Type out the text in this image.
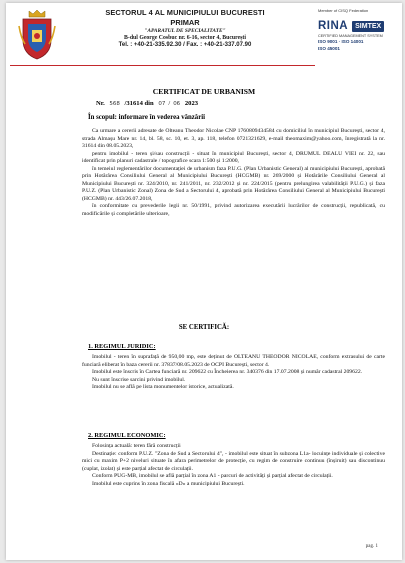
SECTORUL 4 AL MUNICIPIULUI BUCURESTI
PRIMAR
"APARATUL DE SPECIALITATE"
B-dul George Cosbuc nr. 6-16, sector 4, București
Tel. : +40-21-335.92.30 / Fax. : +40-21-337.07.90
Member of CISQ Federation
RINA	SIMTEX
CERTIFIED MANAGEMENT SYSTEM
ISO 9001 · ISO 14001
ISO 45001
CERTIFICAT DE URBANISM
Nr. 568 /31614 din 07 / 06 2023
În scopul: informare în vederea vânzării

Ca urmare a cererii adresate de Olteanu Theodor Nicolae CNP 1760809434584 cu domiciliul în municipiul București, sector 4, strada Almașu Mare nr. 14, bl. 58, sc. 10, et. 3, ap. 118, telefon 0721321629, e-mail theomaxim@yahoo.com, înregistrată la nr. 31614 din 08.05.2023,

pentru imobilul - teren și/sau construcții - situat în municipiul București, sector 4, DRUMUL DEALU VIEI nr. 22, sau identificat prin planuri cadastrale / topografice scara 1:500 și 1:2000,

în temeiul reglementărilor documentației de urbanism faza P.U.G. (Plan Urbanistic General) al municipiului București, aprobată prin Hotărârea Consiliului General al Municipiului București (HCGMB) nr. 269/2000 și Hotărârile Consiliului General al Municipiului București nr. 324/2010, nr. 241/2011, nr. 232/2012 și nr. 224/2015 (pentru prelungirea valabilității P.U.G.) și faza P.U.Z. (Plan Urbanistic Zonal) Zona de Sud a Sectorului 4, aprobată prin Hotărârea Consiliului General al Municipiului București (HCGMB) nr. 443/26.07.2018,

în conformitate cu prevederile legii nr. 50/1991, privind autorizarea executării lucrărilor de construcții, republicată, cu modificările și completările ulterioare,

SE CERTIFICĂ:
1. REGIMUL JURIDIC:

Imobilul - teren în suprafață de 950,00 mp, este deținut de OLTEANU THEODOR NICOLAE, conform extrasului de carte funciară eliberat în baza cererii nr. 37837/08.05.2023 de OCPI București, sector 4.

Imobilul este înscris în Cartea funciară nr. 209622 cu Încheierea nr. 340376 din 17.07.2008 și număr cadastral 209622.

Nu sunt înscrise sarcini privind imobilul.

Imobilul nu se află pe lista monumentelor istorice, actualizată.

2. REGIMUL ECONOMIC:

Folosința actuală: teren fără construcții

Destinație: conform P.U.Z. "Zona de Sud a Sectorului 4", - imobilul este situat în subzona L1a- locuințe individuale și colective mici cu maxim P+2 niveluri situate în afara perimetrelor de protecție, cu regim de construire continuu (înșiruit) sau discontinuu (cuplat, izolat) și este parțial afectat de circulații.

Conform PUG-MB, imobilul se află parțial în zona A1 - parcuri de activități și parțial afectat de circulații.

Imobilul este cuprins în zona fiscală «D» a municipiului București.

pag. 1
